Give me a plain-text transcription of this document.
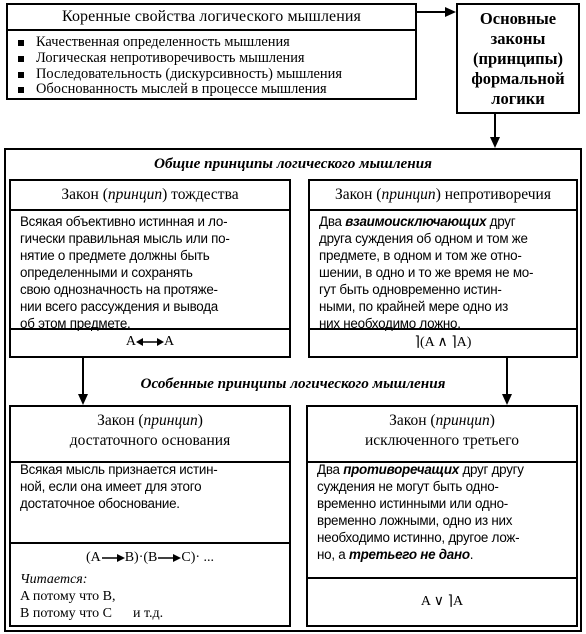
Коренные свойства логического мышления
Качественная определенность мышления
Логическая непротиворечивость мышления
Последовательность (дискурсивность) мышления
Обоснованность мыслей в процессе мышления
Основные
законы
(принципы)
формальной
логики
Общие принципы логического мышления
Особенные принципы логического мышления
Закон (принцип) тождества
Всякая объективно истинная и ло-
гически правильная мысль или по-
нятие о предмете должны быть
определенными и сохранять
свою однозначность на протяже-
нии всего рассуждения и вывода
об этом предмете.
A A
Закон (принцип) непротиворечия
Два взаимоисключающих друг
друга суждения об одном и том же
предмете, в одном и том же отно-
шении, в одно и то же время не мо-
гут быть одновременно истин-
ными, по крайней мере одно из
них необходимо ложно.
⌉(A ∧ ⌉A)
Закон (принцип)
достаточного основания
Всякая мысль признается истин-
ной, если она имеет для этого
достаточное обоснование.
(A B)·(B C)· ...
Читается:
A потому что B,
B потому что C      и т.д.
Закон (принцип)
исключенного третьего
Два противоречащих друг другу
суждения не могут быть одно-
временно истинными или одно-
временно ложными, одно из них
необходимо истинно, другое лож-
но, а третьего не дано.
A ∨ ⌉A
